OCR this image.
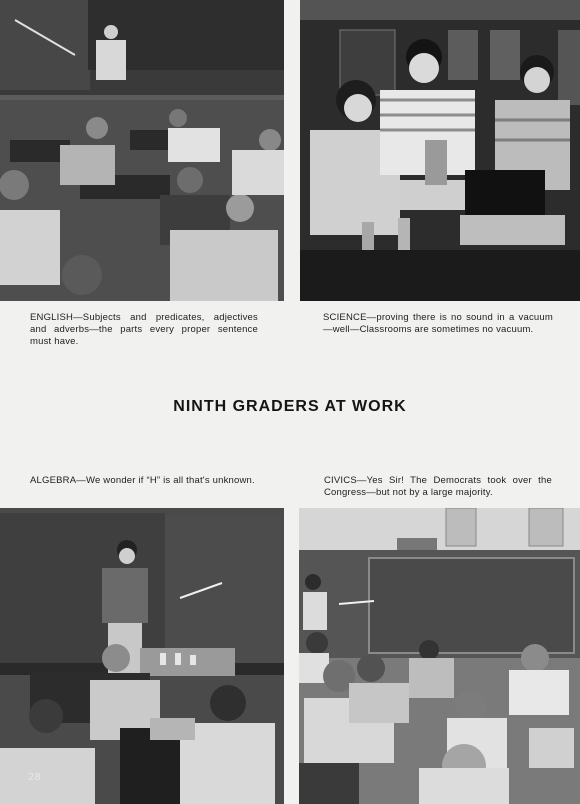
ENGLISH—Subjects and predicates, adjectives and adverbs—the parts every proper sentence must have.
SCIENCE—proving there is no sound in a vacuum—well—Classrooms are sometimes no vacuum.
NINTH GRADERS AT WORK
ALGEBRA—We wonder if “H” is all that's unknown.	CIVICS—Yes Sir! The Democrats took over the Congress—but not by a large majority.
28
